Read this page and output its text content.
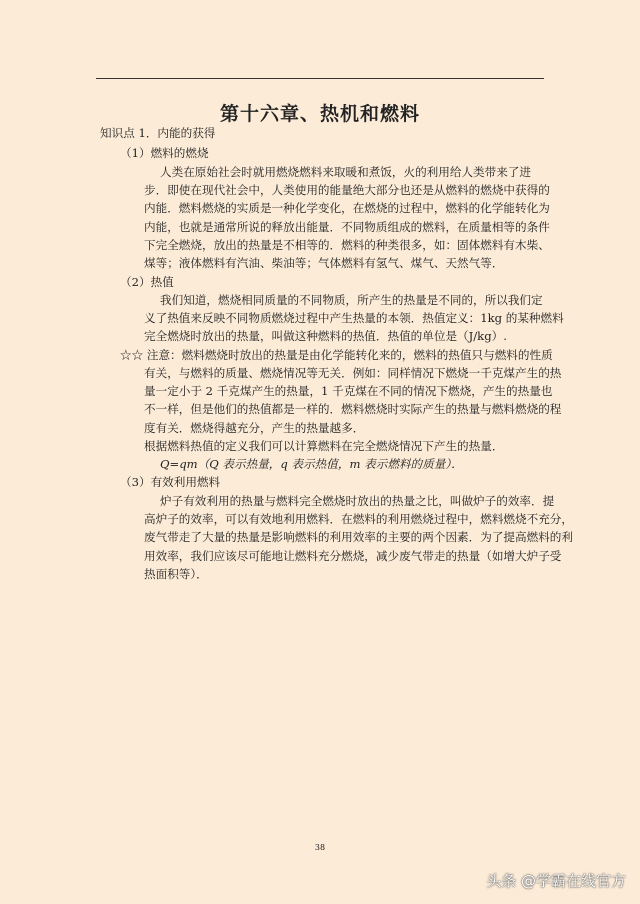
第十六章、热机和燃料
知识点 1．内能的获得
（1）燃料的燃烧
人类在原始社会时就用燃烧燃料来取暖和煮饭，火的利用给人类带来了进
步．即使在现代社会中，人类使用的能量绝大部分也还是从燃料的燃烧中获得的
内能．燃料燃烧的实质是一种化学变化，在燃烧的过程中，燃料的化学能转化为
内能，也就是通常所说的释放出能量．不同物质组成的燃料，在质量相等的条件
下完全燃烧，放出的热量是不相等的．燃料的种类很多，如：固体燃料有木柴、
煤等；液体燃料有汽油、柴油等；气体燃料有氢气、煤气、天然气等．
（2）热值
我们知道，燃烧相同质量的不同物质，所产生的热量是不同的，所以我们定
义了热值来反映不同物质燃烧过程中产生热量的本领．热值定义：1kg 的某种燃料
完全燃烧时放出的热量，叫做这种燃料的热值．热值的单位是（J/kg）.
☆☆ 注意：燃料燃烧时放出的热量是由化学能转化来的，燃料的热值只与燃料的性质
有关，与燃料的质量、燃烧情况等无关．例如：同样情况下燃烧一千克煤产生的热
量一定小于 2 千克煤产生的热量，1 千克煤在不同的情况下燃烧，产生的热量也
不一样，但是他们的热值都是一样的．燃料燃烧时实际产生的热量与燃料燃烧的程
度有关．燃烧得越充分，产生的热量越多．
根据燃料热值的定义我们可以计算燃料在完全燃烧情况下产生的热量．
Q=qm（Q 表示热量，q 表示热值，m 表示燃料的质量）．
（3）有效利用燃料
炉子有效利用的热量与燃料完全燃烧时放出的热量之比，叫做炉子的效率．提
高炉子的效率，可以有效地利用燃料．在燃料的利用燃烧过程中，燃料燃烧不充分，
废气带走了大量的热量是影响燃料的利用效率的主要的两个因素．为了提高燃料的利
用效率，我们应该尽可能地让燃料充分燃烧，减少废气带走的热量（如增大炉子受
热面积等）．
38
头条 @学霸在线官方
